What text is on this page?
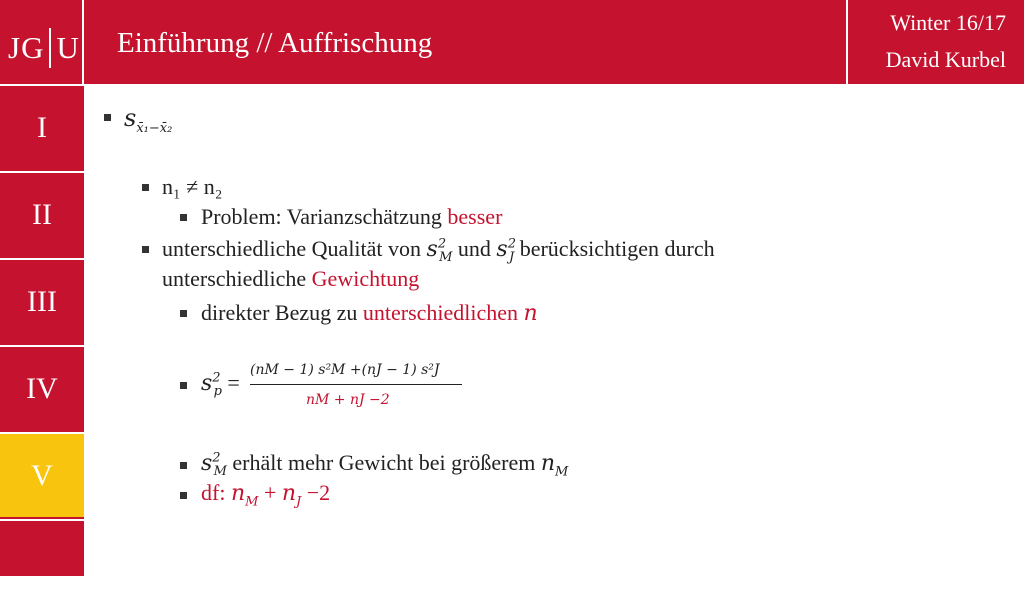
JG U Einführung // Auffrischung
Winter 16/17
David Kurbel
I
II
III
IV
V
$s_{x̄_1-x̄_2}$
n₁ ≠ n₂
Problem: Varianzschätzung besser
unterschiedliche Qualität von $s^2_M$ und $s^2_J$ berücksichtigen durch
unterschiedliche Gewichtung
direkter Bezug zu unterschiedlichen n
$s^2_p = (nM - 1)$ s²M +(nJ − 1) s²J
nM + nJ −2
$s^2_M$ erhält mehr Gewicht bei größerem $n_M$
df: $n_M + n_J -2$
